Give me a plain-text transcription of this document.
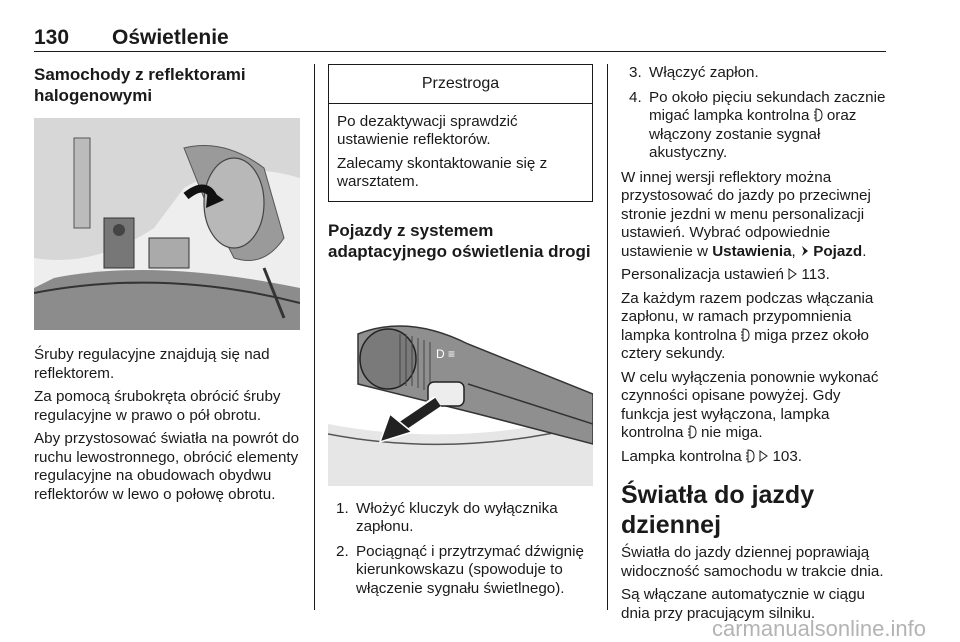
130 Oświetlenie
Samochody z reflektorami halogenowymi

Śruby regulacyjne znajdują się nad reflektorem.

Za pomocą śrubokręta obrócić śruby regulacyjne w prawo o pół obrotu.

Aby przystosować światła na powrót do ruchu lewostronnego, obrócić elementy regulacyjne na obudowach obydwu reflektorów w lewo o połowę obrotu.

Przestroga

Po dezaktywacji sprawdzić ustawienie reflektorów.

Zalecamy skontaktowanie się z warsztatem.

Pojazdy z systemem adaptacyjnego oświetlenia drogi
D ≡
1. Włożyć kluczyk do wyłącznika zapłonu.
2. Pociągnąć i przytrzymać dźwignię kierunkowskazu (spowoduje to włączenie sygnału świetlnego).
3. Włączyć zapłon.
4. Po około pięciu sekundach zacznie migać lampka kontrolna oraz włączony zostanie sygnał akustyczny.

W innej wersji reflektory można przystosować do jazdy po przeciwnej stronie jezdni w menu personalizacji ustawień. Wybrać odpowiednie ustawienie w Ustawienia, Pojazd.

Personalizacja ustawień 113.

Za każdym razem podczas włączania zapłonu, w ramach przypomnienia lampka kontrolna miga przez około cztery sekundy.

W celu wyłączenia ponownie wykonać czynności opisane powyżej. Gdy funkcja jest wyłączona, lampka kontrolna nie miga.

Lampka kontrolna 103.

Światła do jazdy dziennej

Światła do jazdy dziennej poprawiają widoczność samochodu w trakcie dnia.

Są włączane automatycznie w ciągu dnia przy pracującym silniku.

carmanualsonline.info
